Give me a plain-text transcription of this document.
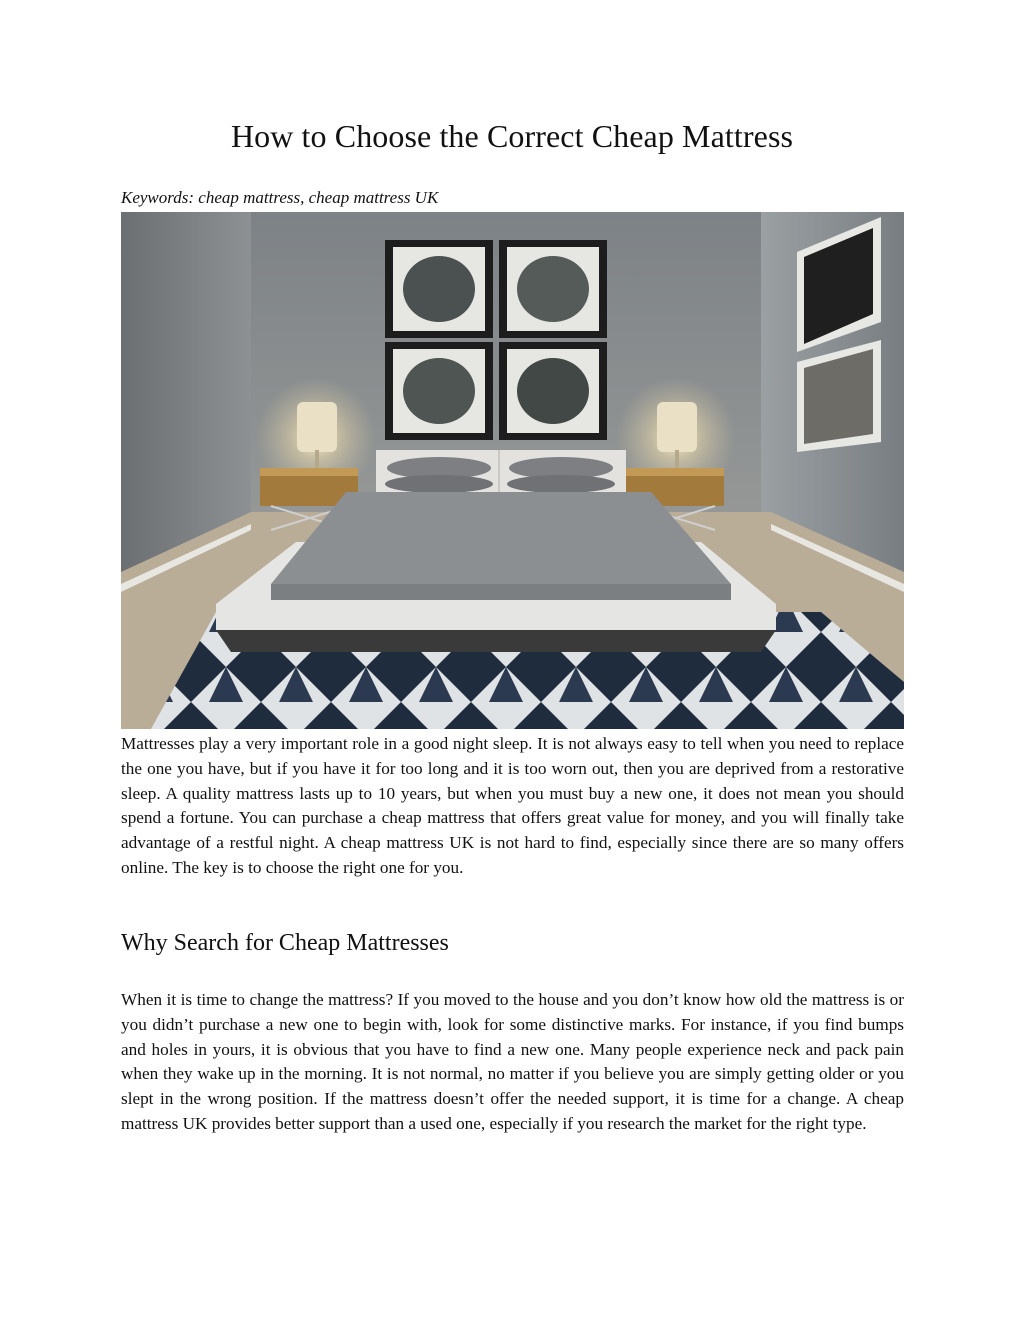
How to Choose the Correct Cheap Mattress

Keywords: cheap mattress, cheap mattress UK

Mattresses play a very important role in a good night sleep. It is not always easy to tell when you need to replace the one you have, but if you have it for too long and it is too worn out, then you are deprived from a restorative sleep. A quality mattress lasts up to 10 years, but when you must buy a new one, it does not mean you should spend a fortune. You can purchase a cheap mattress that offers great value for money, and you will finally take advantage of a restful night. A cheap mattress UK is not hard to find, especially since there are so many offers online. The key is to choose the right one for you.

Why Search for Cheap Mattresses

When it is time to change the mattress? If you moved to the house and you don’t know how old the mattress is or you didn’t purchase a new one to begin with, look for some distinctive marks. For instance, if you find bumps and holes in yours, it is obvious that you have to find a new one. Many people experience neck and pack pain when they wake up in the morning. It is not normal, no matter if you believe you are simply getting older or you slept in the wrong position. If the mattress doesn’t offer the needed support, it is time for a change. A cheap mattress UK provides better support than a used one, especially if you research the market for the right type.
